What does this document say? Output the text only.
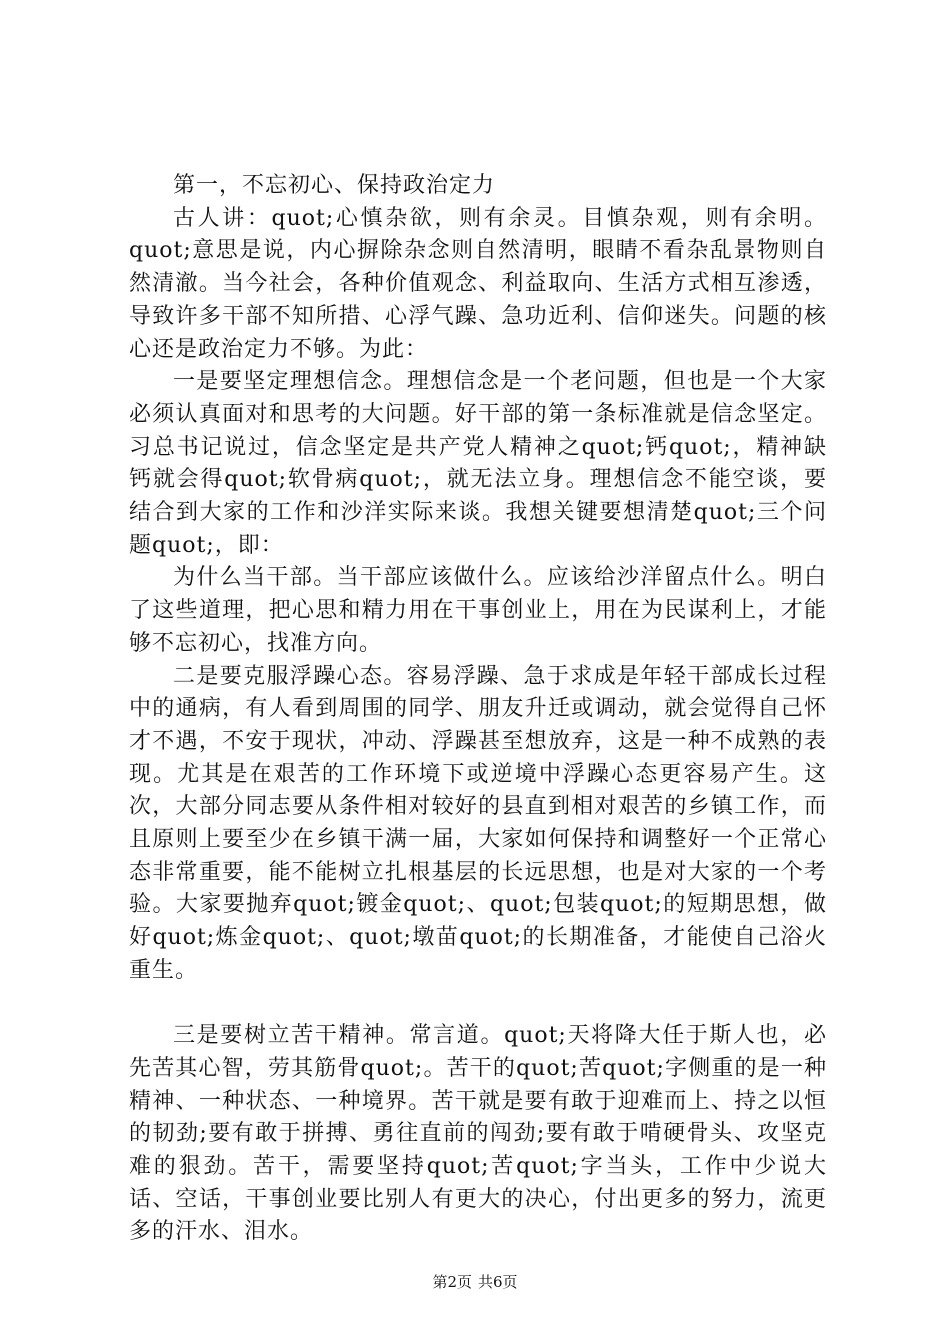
第一，不忘初心、保持政治定力

古人讲：quot;心慎杂欲，则有余灵。目慎杂观，则有余明。quot;意思是说，内心摒除杂念则自然清明，眼睛不看杂乱景物则自然清澈。当今社会，各种价值观念、利益取向、生活方式相互渗透，导致许多干部不知所措、心浮气躁、急功近利、信仰迷失。问题的核心还是政治定力不够。为此：

一是要坚定理想信念。理想信念是一个老问题，但也是一个大家必须认真面对和思考的大问题。好干部的第一条标准就是信念坚定。习总书记说过，信念坚定是共产党人精神之quot;钙quot;，精神缺钙就会得quot;软骨病quot;，就无法立身。理想信念不能空谈，要结合到大家的工作和沙洋实际来谈。我想关键要想清楚quot;三个问题quot;，即：

为什么当干部。当干部应该做什么。应该给沙洋留点什么。明白了这些道理，把心思和精力用在干事创业上，用在为民谋利上，才能够不忘初心，找准方向。

二是要克服浮躁心态。容易浮躁、急于求成是年轻干部成长过程中的通病，有人看到周围的同学、朋友升迁或调动，就会觉得自己怀才不遇，不安于现状，冲动、浮躁甚至想放弃，这是一种不成熟的表现。尤其是在艰苦的工作环境下或逆境中浮躁心态更容易产生。这次，大部分同志要从条件相对较好的县直到相对艰苦的乡镇工作，而且原则上要至少在乡镇干满一届，大家如何保持和调整好一个正常心态非常重要，能不能树立扎根基层的长远思想，也是对大家的一个考验。大家要抛弃quot;镀金quot;、quot;包装quot;的短期思想，做好quot;炼金quot;、quot;墩苗quot;的长期准备，才能使自己浴火重生。

三是要树立苦干精神。常言道。quot;天将降大任于斯人也，必先苦其心智，劳其筋骨quot;。苦干的quot;苦quot;字侧重的是一种精神、一种状态、一种境界。苦干就是要有敢于迎难而上、持之以恒的韧劲;要有敢于拼搏、勇往直前的闯劲;要有敢于啃硬骨头、攻坚克难的狠劲。苦干，需要坚持quot;苦quot;字当头，工作中少说大话、空话，干事创业要比别人有更大的决心，付出更多的努力，流更多的汗水、泪水。

第2页 共6页
